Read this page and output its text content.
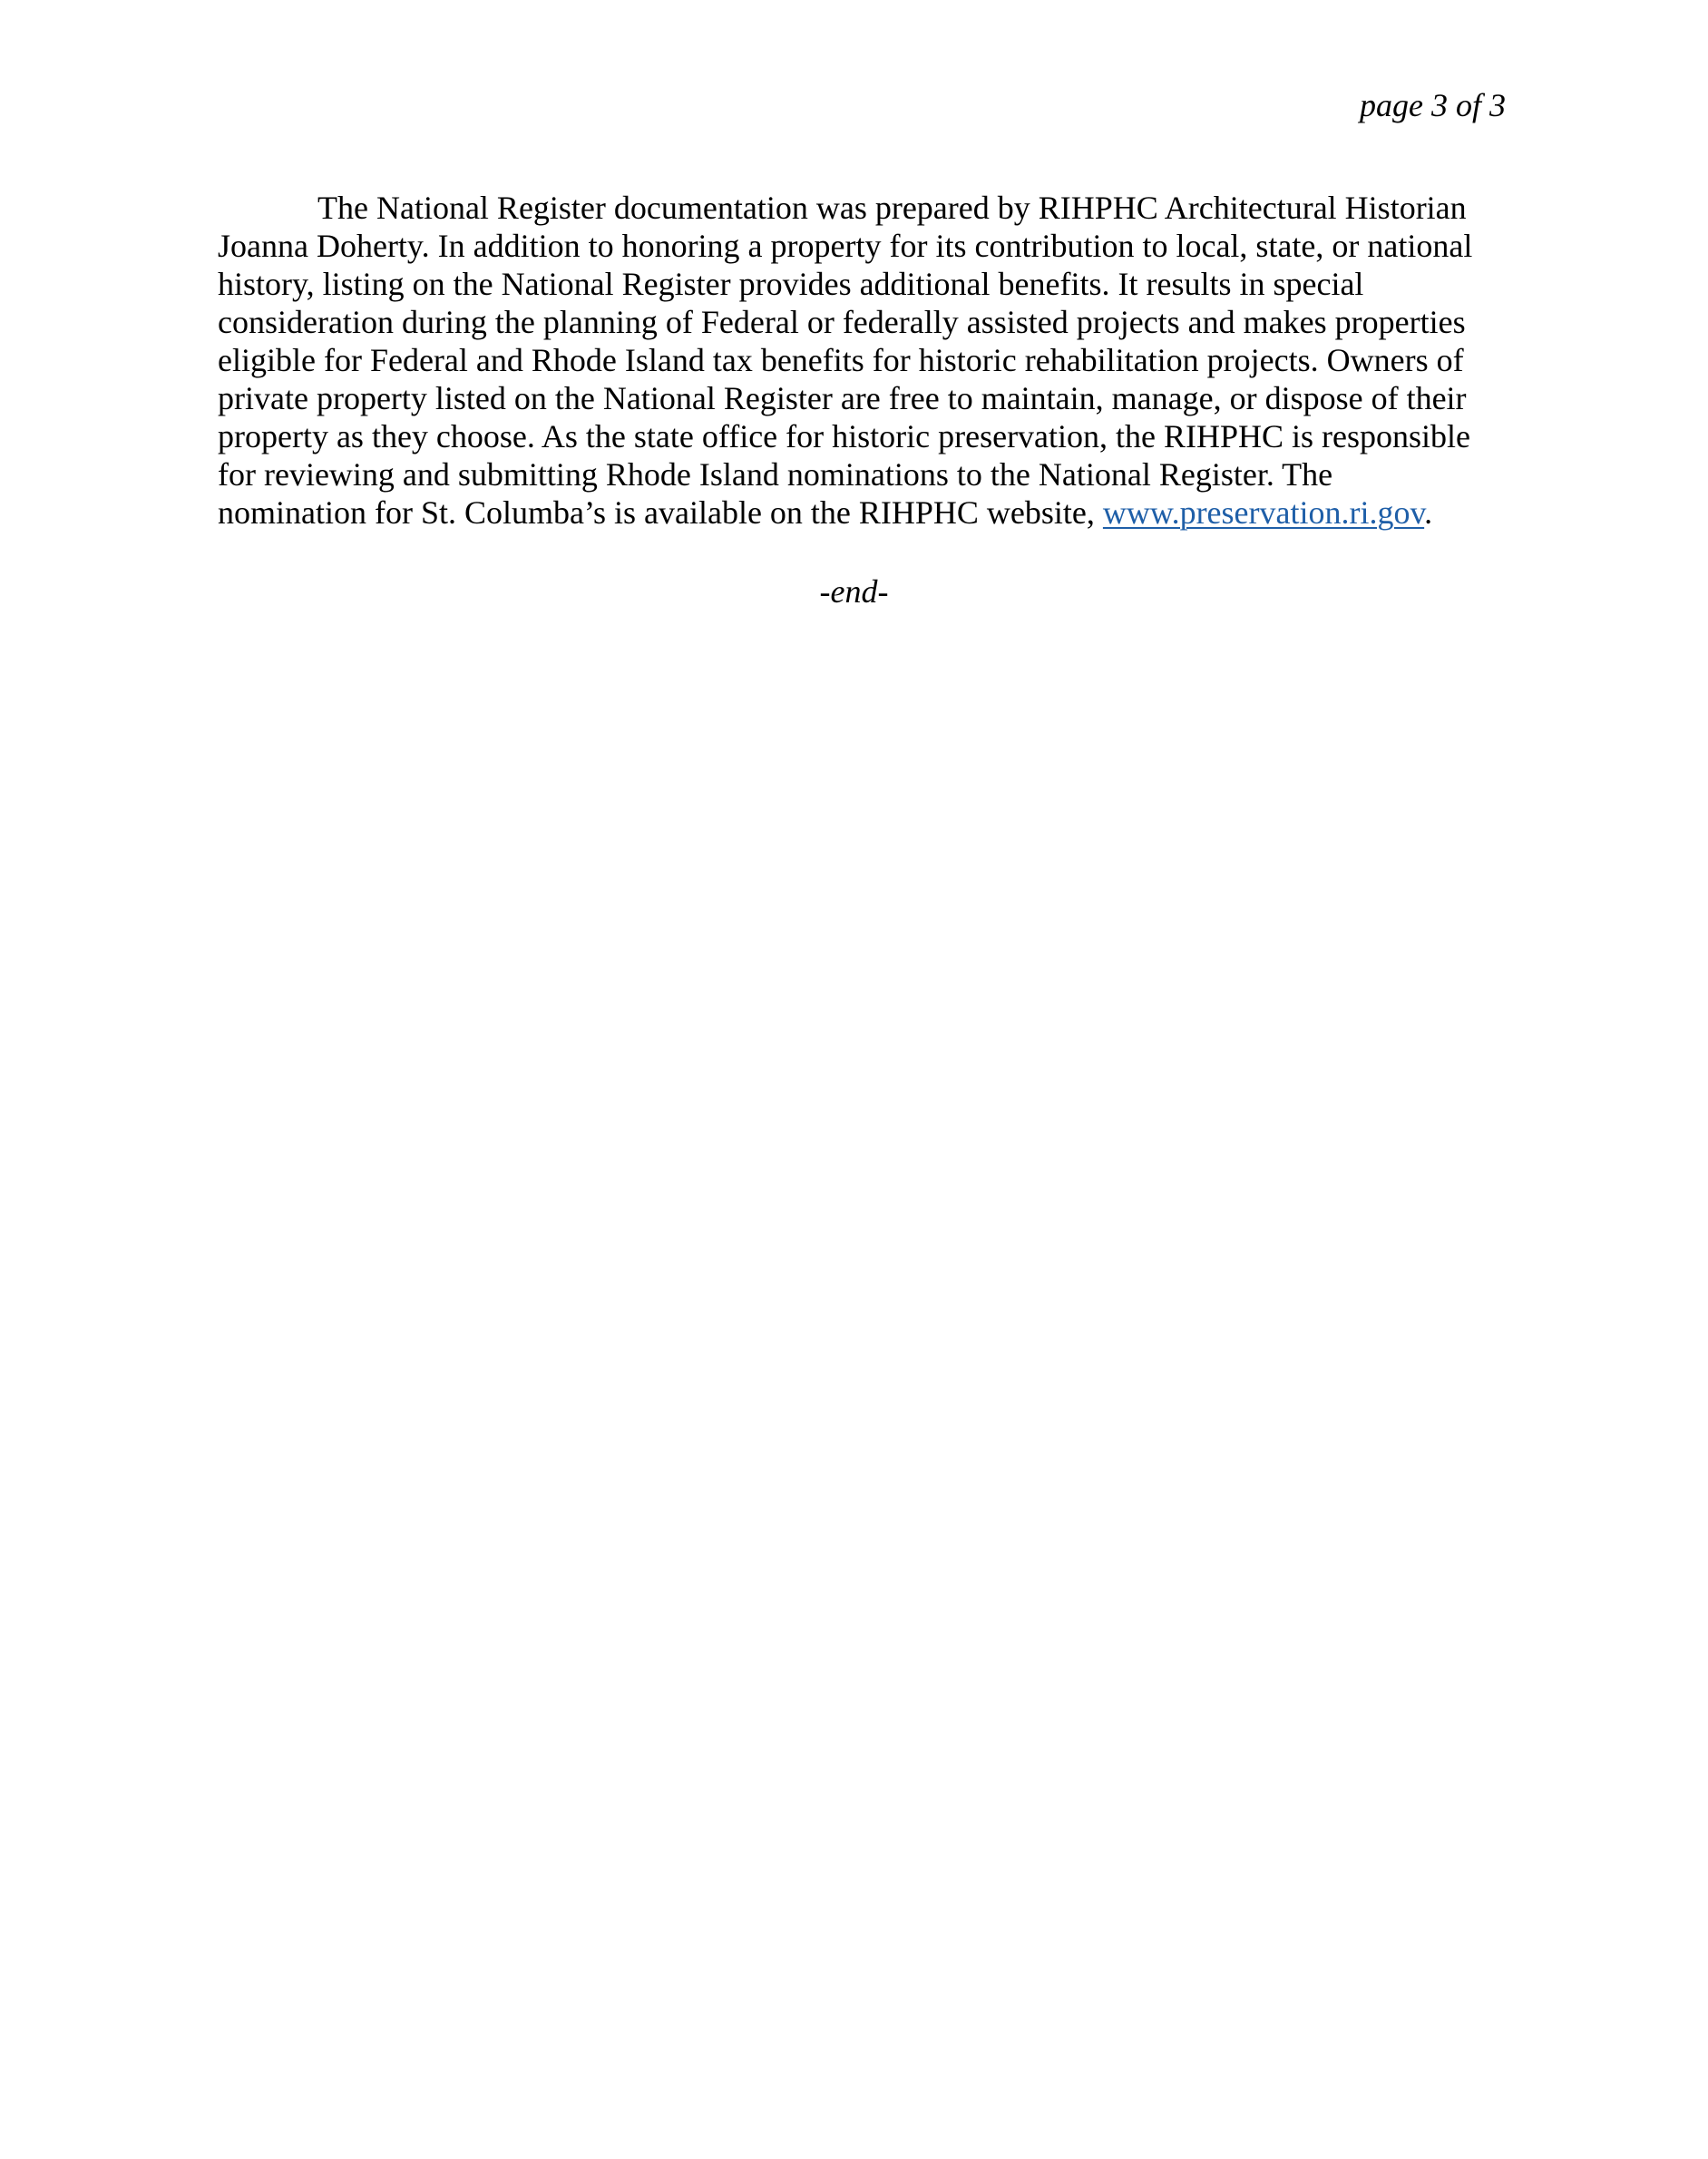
page 3 of 3

The National Register documentation was prepared by RIHPHC Architectural Historian
Joanna Doherty. In addition to honoring a property for its contribution to local, state, or national
history, listing on the National Register provides additional benefits. It results in special
consideration during the planning of Federal or federally assisted projects and makes properties
eligible for Federal and Rhode Island tax benefits for historic rehabilitation projects. Owners of
private property listed on the National Register are free to maintain, manage, or dispose of their
property as they choose. As the state office for historic preservation, the RIHPHC is responsible
for reviewing and submitting Rhode Island nominations to the National Register. The
nomination for St. Columba’s is available on the RIHPHC website, www.preservation.ri.gov.

-end-
